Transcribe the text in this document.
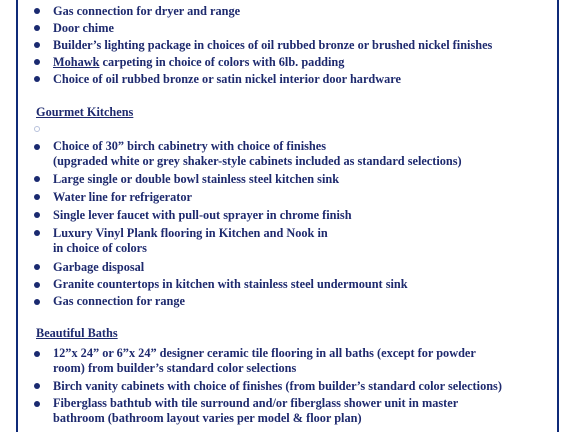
Gas connection for dryer and range
Door chime
Builder’s lighting package in choices of oil rubbed bronze or brushed nickel finishes
Mohawk carpeting in choice of colors with 6lb. padding
Choice of oil rubbed bronze or satin nickel interior door hardware
Gourmet Kitchens
Choice of 30” birch cabinetry with choice of finishes
(upgraded white or grey shaker-style cabinets included as standard selections)
Large single or double bowl stainless steel kitchen sink
Water line for refrigerator
Single lever faucet with pull-out sprayer in chrome finish
Luxury Vinyl Plank flooring in Kitchen and Nook in
in choice of colors
Garbage disposal
Granite countertops in kitchen with stainless steel undermount sink
Gas connection for range
Beautiful Baths
12”x 24” or 6”x 24” designer ceramic tile flooring in all baths (except for powder
room) from builder’s standard color selections
Birch vanity cabinets with choice of finishes (from builder’s standard color selections)
Fiberglass bathtub with tile surround and/or fiberglass shower unit in master
bathroom (bathroom layout varies per model & floor plan)
